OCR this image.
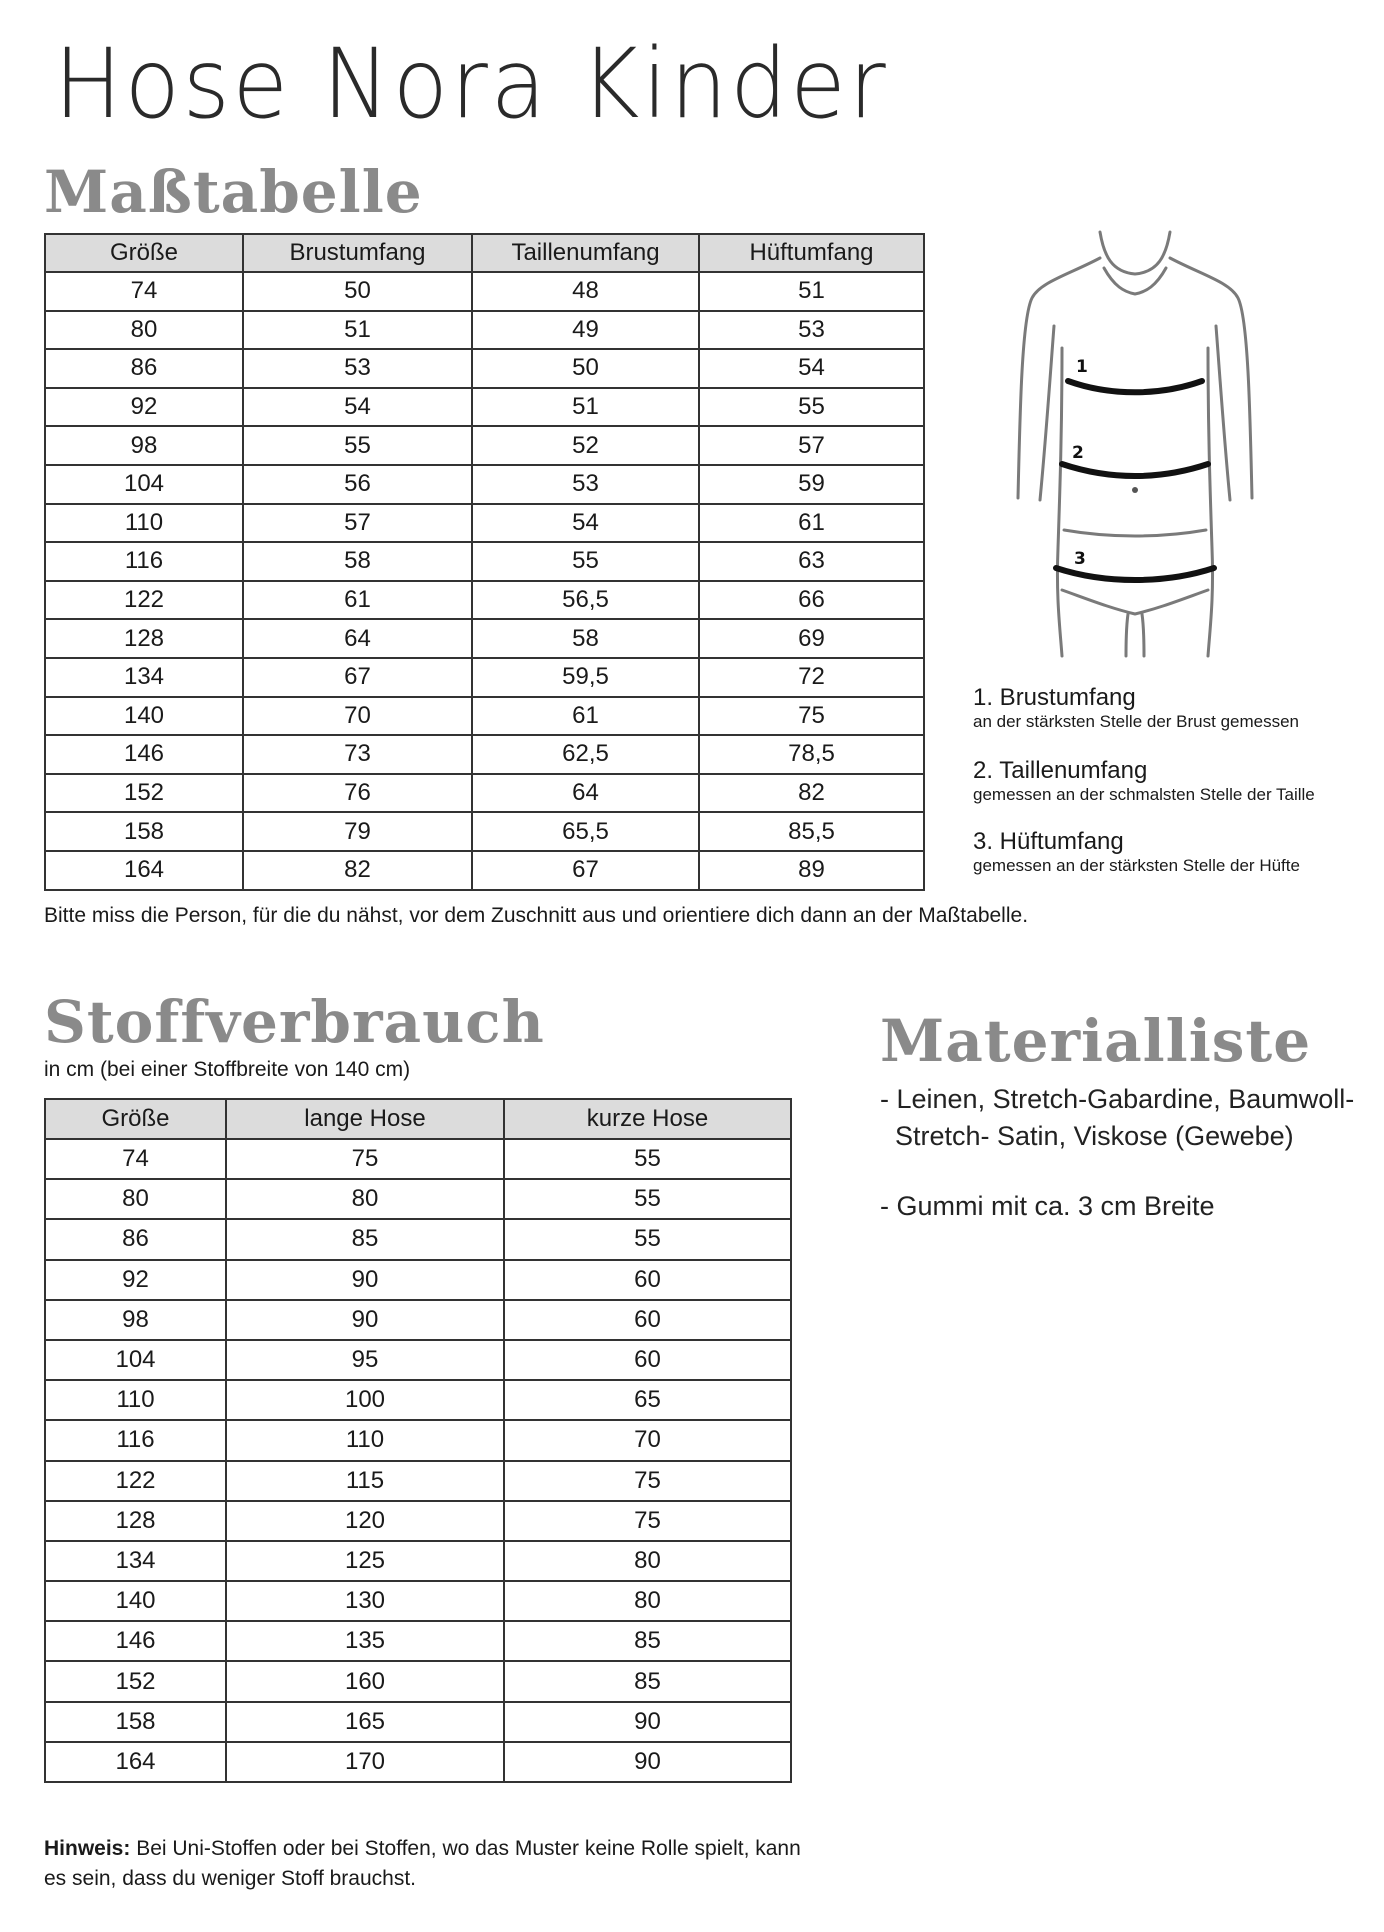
Hose Nora Kinder
Maßtabelle
Größe	Brustumfang	Taillenumfang	Hüftumfang
74	50	48	51
80	51	49	53
86	53	50	54
92	54	51	55
98	55	52	57
104	56	53	59
110	57	54	61
116	58	55	63
122	61	56,5	66
128	64	58	69
134	67	59,5	72
140	70	61	75
146	73	62,5	78,5
152	76	64	82
158	79	65,5	85,5
164	82	67	89
Bitte miss die Person, für die du nähst, vor dem Zuschnitt aus und orientiere dich dann an der Maßtabelle.
1
2
3
1. Brustumfang
an der stärksten Stelle der Brust gemessen
2. Taillenumfang
gemessen an der schmalsten Stelle der Taille
3. Hüftumfang
gemessen an der stärksten Stelle der Hüfte
Stoffverbrauch
in cm (bei einer Stoffbreite von 140 cm)
Größe	lange Hose	kurze Hose
74	75	55
80	80	55
86	85	55
92	90	60
98	90	60
104	95	60
110	100	65
116	110	70
122	115	75
128	120	75
134	125	80
140	130	80
146	135	85
152	160	85
158	165	90
164	170	90
Materialliste
- Leinen, Stretch-Gabardine, Baumwoll-
Stretch- Satin, Viskose (Gewebe)
- Gummi mit ca. 3 cm Breite
Hinweis: Bei Uni-Stoffen oder bei Stoffen, wo das Muster keine Rolle spielt, kann
es sein, dass du weniger Stoff brauchst.
